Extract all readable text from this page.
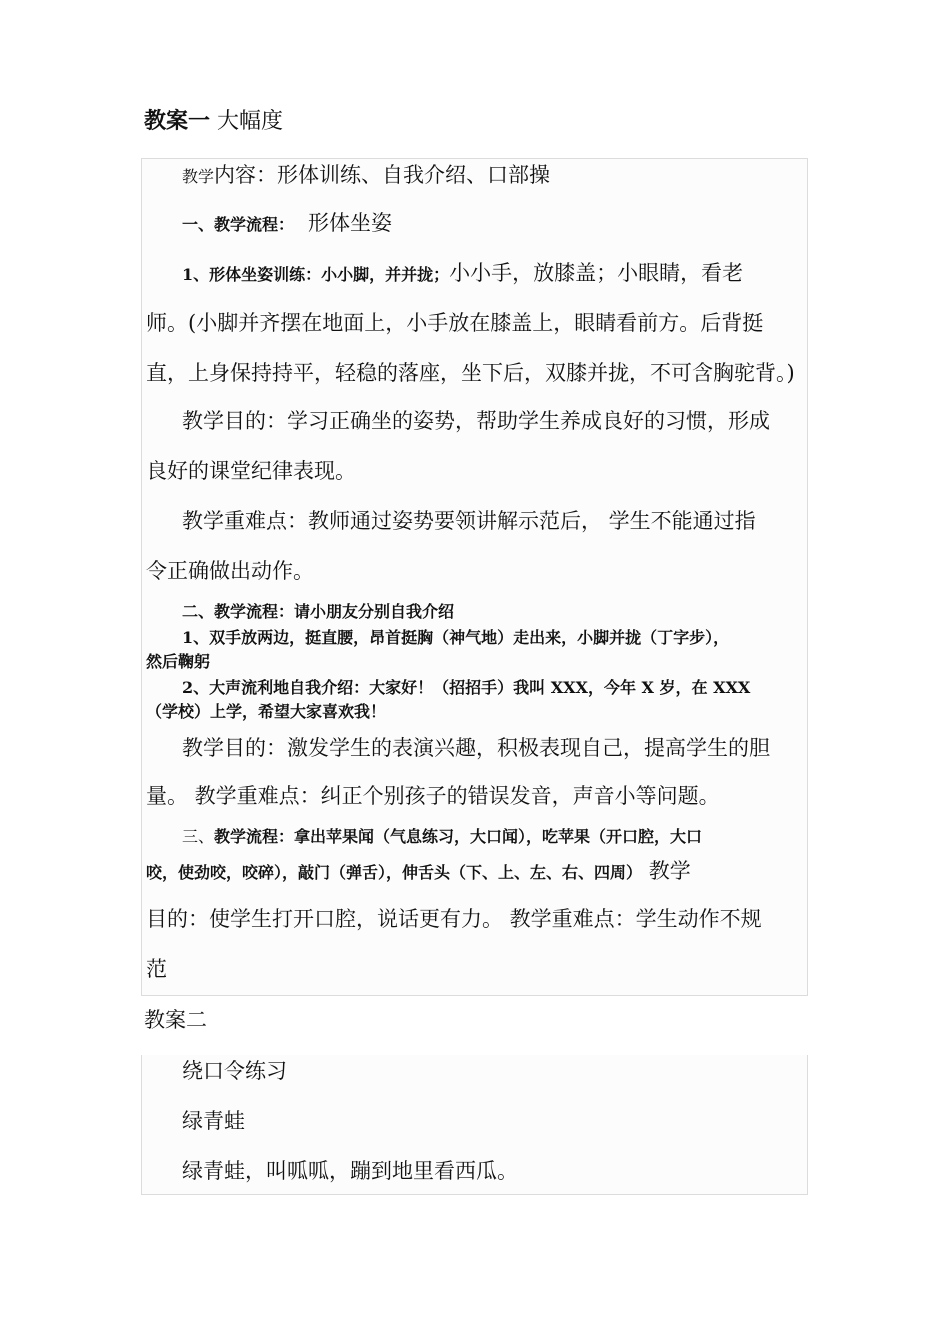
教案一 大幅度
教学内容：形体训练、自我介绍、口部操
一、教学流程： 形体坐姿
1、形体坐姿训练：小小脚，并并拢；小小手，放膝盖；小眼睛，看老
师。(小脚并齐摆在地面上，小手放在膝盖上，眼睛看前方。后背挺
直，上身保持持平，轻稳的落座，坐下后，双膝并拢，不可含胸驼背。)
教学目的：学习正确坐的姿势，帮助学生养成良好的习惯，形成
良好的课堂纪律表现。
教学重难点：教师通过姿势要领讲解示范后， 学生不能通过指
令正确做出动作。
二、教学流程：请小朋友分别自我介绍
1、双手放两边，挺直腰，昂首挺胸（神气地）走出来，小脚并拢（丁字步），
然后鞠躬
2、大声流利地自我介绍：大家好！（招招手）我叫 XXX，今年 X 岁，在 XXX
（学校）上学，希望大家喜欢我！
教学目的：激发学生的表演兴趣，积极表现自己，提高学生的胆
量。 教学重难点：纠正个别孩子的错误发音，声音小等问题。
三、教学流程：拿出苹果闻（气息练习，大口闻），吃苹果（开口腔，大口
咬，使劲咬，咬碎），敲门（弹舌），伸舌头（下、上、左、右、四周） 教学
目的：使学生打开口腔，说话更有力。 教学重难点：学生动作不规
范
教案二
绕口令练习
绿青蛙
绿青蛙，叫呱呱，蹦到地里看西瓜。
